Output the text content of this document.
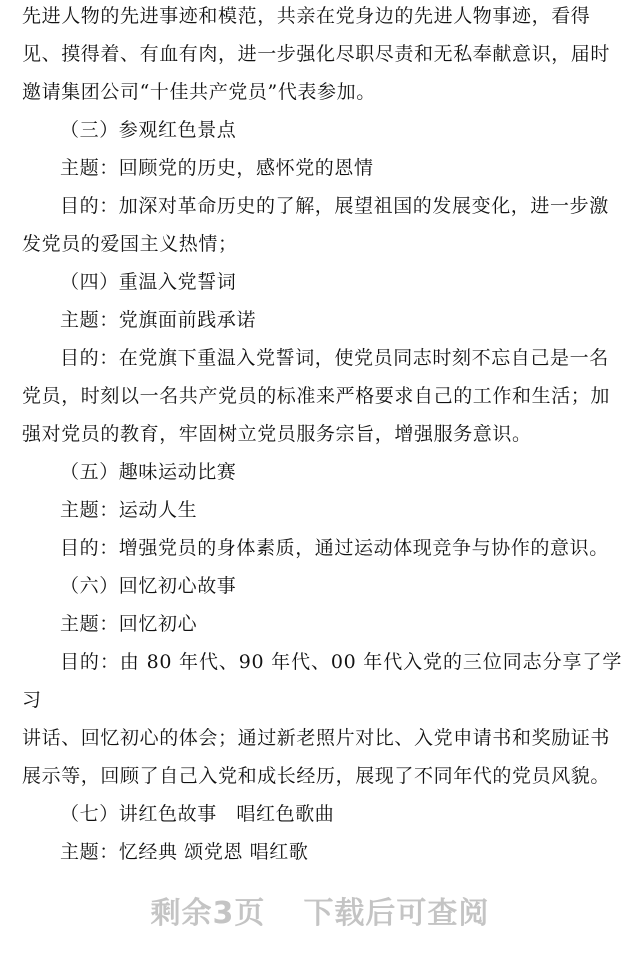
先进人物的先进事迹和模范，共亲在党身边的先进人物事迹，看得

见、摸得着、有血有肉，进一步强化尽职尽责和无私奉献意识，届时

邀请集团公司“十佳共产党员”代表参加。

（三）参观红色景点

主题：回顾党的历史，感怀党的恩情

目的：加深对革命历史的了解，展望祖国的发展变化，进一步激

发党员的爱国主义热情；

（四）重温入党誓词

主题：党旗面前践承诺

目的：在党旗下重温入党誓词，使党员同志时刻不忘自己是一名

党员，时刻以一名共产党员的标准来严格要求自己的工作和生活；加

强对党员的教育，牢固树立党员服务宗旨，增强服务意识。

（五）趣味运动比赛

主题：运动人生

目的：增强党员的身体素质，通过运动体现竞争与协作的意识。

（六）回忆初心故事

主题：回忆初心

目的：由 80 年代、90 年代、00 年代入党的三位同志分享了学习

讲话、回忆初心的体会；通过新老照片对比、入党申请书和奖励证书

展示等，回顾了自己入党和成长经历，展现了不同年代的党员风貌。

（七）讲红色故事　唱红色歌曲

主题：忆经典 颂党恩 唱红歌

剩余3页 下载后可查阅
